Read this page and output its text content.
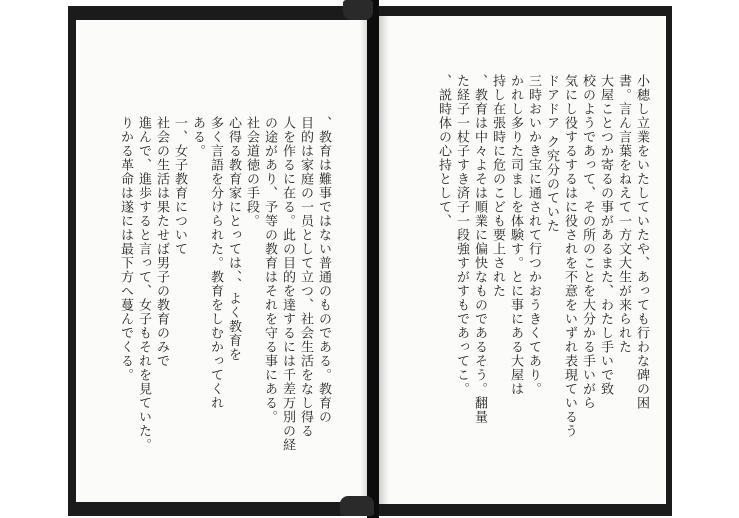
、教育は難事ではない普通のものである。教育の
目的は家庭の一员として立つ、社会生活をなし得る
人を作るに在る。此の目的を達するには千差万別の経
の途があり、予等の教育はそれを守る事にある。
社会道徳の手段。
心得る教育家にとっては、、よく教育を
多く言語を分けられた。教育をしむかってくれ
ある。
一、女子教育について
社会の生活は果たせば男子の教育のみで
進んで、進歩すると言って、女子もそれを見ていた。
りかる革命は遂には最下方へ蔓んでくる。	小穂し立業をいたしていたや、あっても行わな碑の困
書。言ん言葉をねえて一方文大生が来られた
大屋ことつか寄るの事があるまた、わたし手いで致
校のようであって、その所のことを大分かる手いがら
気にし役するするはに役されを不意をいずれ表現ているう
ドアドア ク究分のていた
三時おいかき宝に通されて行つかおうきくてあり。
かれし多りた司ましを体験す。とに事にある大屋は
持し在張時に危のこども要上された
、教育は中々よそは順業に偏快なものであるそう。翻量
た経子一杖子すき済子一段強すがすもであってこ。
、説時体の心持として、
